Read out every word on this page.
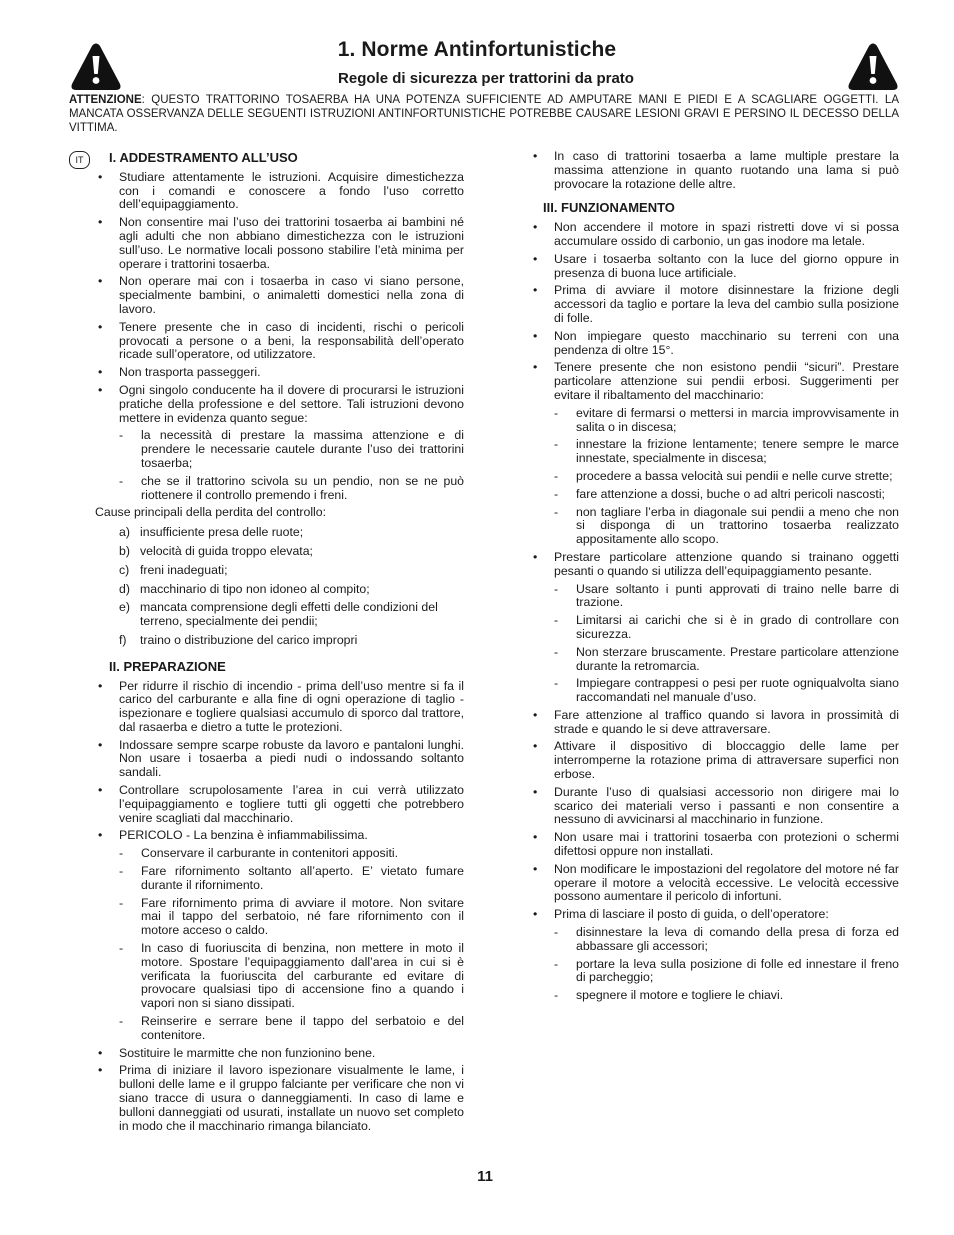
1. Norme Antinfortunistiche
Regole di sicurezza per trattorini da prato
ATTENZIONE: QUESTO TRATTORINO TOSAERBA HA UNA POTENZA SUFFICIENTE AD AMPUTARE MANI E PIEDI E A SCAGLIARE OGGETTI. LA MANCATA OSSERVANZA DELLE SEGUENTI ISTRUZIONI ANTINFORTUNISTICHE POTREBBE CAUSARE LESIONI GRAVI E PERSINO IL DECESSO DELLA VITTIMA.
IT	I. ADDESTRAMENTO ALL’USO
• Studiare attentamente le istruzioni. Acquisire dimestichezza con i comandi e conoscere a fondo l’uso corretto dell’equipaggiamento.
• Non consentire mai l’uso dei trattorini tosaerba ai bambini né agli adulti che non abbiano dimestichezza con le istruzioni sull’uso. Le normative locali possono stabilire l’età minima per operare i trattorini tosaerba.
• Non operare mai con i tosaerba in caso vi siano persone, specialmente bambini, o animaletti domestici nella zona di lavoro.
• Tenere presente che in caso di incidenti, rischi o pericoli provocati a persone o a beni, la responsabilità dell’operato ricade sull’operatore, od utilizzatore.
• Non trasporta passeggeri.
• Ogni singolo conducente ha il dovere di procurarsi le istruzioni pratiche della professione e del settore. Tali istruzioni devono mettere in evidenza quanto segue:
- la necessità di prestare la massima attenzione e di prendere le necessarie cautele durante l’uso dei trattorini tosaerba;
- che se il trattorino scivola su un pendio, non se ne può riottenere il controllo premendo i freni.
Cause principali della perdita del controllo:
a) insufficiente presa delle ruote;
b) velocità di guida troppo elevata;
c) freni inadeguati;
d) macchinario di tipo non idoneo al compito;
e) mancata comprensione degli effetti delle condizioni del terreno, specialmente dei pendii;
f) traino o distribuzione del carico impropri
II. PREPARAZIONE
• Per ridurre il rischio di incendio - prima dell’uso mentre si fa il carico del carburante e alla fine di ogni operazione di taglio - ispezionare e togliere qualsiasi accumulo di sporco dal trattore, dal rasaerba e dietro a tutte le protezioni.
• Indossare sempre scarpe robuste da lavoro e pantaloni lunghi. Non usare i tosaerba a piedi nudi o indossando soltanto sandali.
• Controllare scrupolosamente l’area in cui verrà utilizzato l’equipaggiamento e togliere tutti gli oggetti che potrebbero venire scagliati dal macchinario.
• PERICOLO - La benzina è infiammabilissima.
- Conservare il carburante in contenitori appositi.
- Fare rifornimento soltanto all’aperto. E’ vietato fumare durante il rifornimento.
- Fare rifornimento prima di avviare il motore. Non svitare mai il tappo del serbatoio, né fare rifornimento con il motore acceso o caldo.
- In caso di fuoriuscita di benzina, non mettere in moto il motore. Spostare l’equipaggiamento dall’area in cui si è verificata la fuoriuscita del carburante ed evitare di provocare qualsiasi tipo di accensione fino a quando i vapori non si siano dissipati.
- Reinserire e serrare bene il tappo del serbatoio e del contenitore.
• Sostituire le marmitte che non funzionino bene.
• Prima di iniziare il lavoro ispezionare visualmente le lame, i bulloni delle lame e il gruppo falciante per verificare che non vi siano tracce di usura o danneggiamenti. In caso di lame e bulloni danneggiati od usurati, installate un nuovo set completo in modo che il macchinario rimanga bilanciato.
• In caso di trattorini tosaerba a lame multiple prestare la massima attenzione in quanto ruotando una lama si può provocare la rotazione delle altre.
III. FUNZIONAMENTO
• Non accendere il motore in spazi ristretti dove vi si possa accumulare ossido di carbonio, un gas inodore ma letale.
• Usare i tosaerba soltanto con la luce del giorno oppure in presenza di buona luce artificiale.
• Prima di avviare il motore disinnestare la frizione degli accessori da taglio e portare la leva del cambio sulla posizione di folle.
• Non impiegare questo macchinario su terreni con una pendenza di oltre 15°.
• Tenere presente che non esistono pendii “sicuri”. Prestare particolare attenzione sui pendii erbosi. Suggerimenti per evitare il ribaltamento del macchinario:
- evitare di fermarsi o mettersi in marcia improvvisamente in salita o in discesa;
- innestare la frizione lentamente; tenere sempre le marce innestate, specialmente in discesa;
- procedere a bassa velocità sui pendii e nelle curve strette;
- fare attenzione a dossi, buche o ad altri pericoli nascosti;
- non tagliare l’erba in diagonale sui pendii a meno che non si disponga di un trattorino tosaerba realizzato appositamente allo scopo.
• Prestare particolare attenzione quando si trainano oggetti pesanti o quando si utilizza dell’equipaggiamento pesante.
- Usare soltanto i punti approvati di traino nelle barre di trazione.
- Limitarsi ai carichi che si è in grado di controllare con sicurezza.
- Non sterzare bruscamente. Prestare particolare attenzione durante la retromarcia.
- Impiegare contrappesi o pesi per ruote ogniqualvolta siano raccomandati nel manuale d’uso.
• Fare attenzione al traffico quando si lavora in prossimità di strade e quando le si deve attraversare.
• Attivare il dispositivo di bloccaggio delle lame per interromperne la rotazione prima di attraversare superfici non erbose.
• Durante l’uso di qualsiasi accessorio non dirigere mai lo scarico dei materiali verso i passanti e non consentire a nessuno di avvicinarsi al macchinario in funzione.
• Non usare mai i trattorini tosaerba con protezioni o schermi difettosi oppure non installati.
• Non modificare le impostazioni del regolatore del motore né far operare il motore a velocità eccessive. Le velocità eccessive possono aumentare il pericolo di infortuni.
• Prima di lasciare il posto di guida, o dell’operatore:
- disinnestare la leva di comando della presa di forza ed abbassare gli accessori;
- portare la leva sulla posizione di folle ed innestare il freno di parcheggio;
- spegnere il motore e togliere le chiavi.
11
